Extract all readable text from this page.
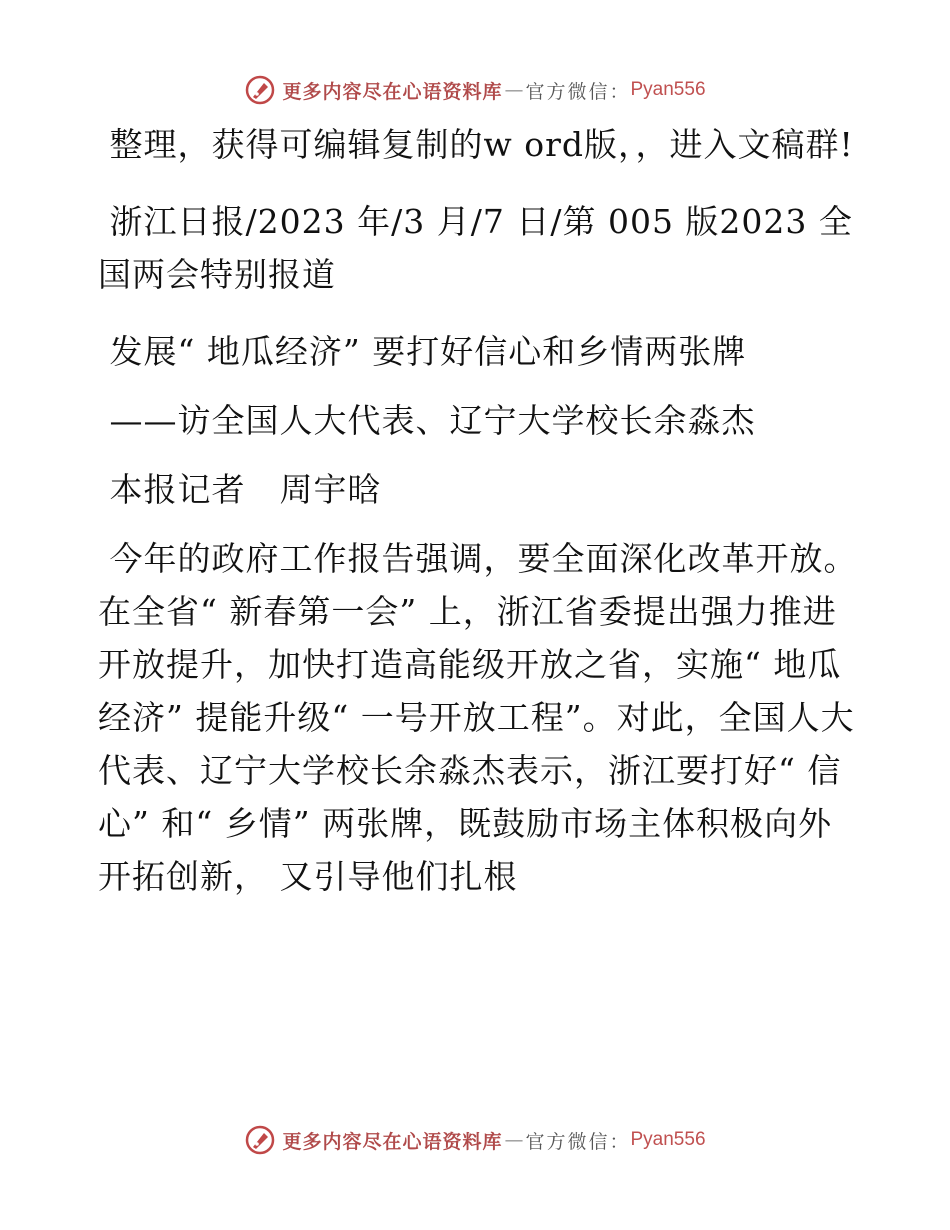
更多内容尽在心语资料库 — 官方微信： Pyan556

整理，获得可编辑复制的w ord版，，进入文稿群!

浙江日报/2023 年/3 月/7 日/第 005 版2023 全国两会特别报道

发展“ 地瓜经济” 要打好信心和乡情两张牌

——访全国人大代表、辽宁大学校长余淼杰

本报记者　周宇晗

今年的政府工作报告强调，要全面深化改革开放。在全省“ 新春第一会” 上，浙江省委提出强力推进开放提升，加快打造高能级开放之省，实施“ 地瓜经济” 提能升级“ 一号开放工程”。对此，全国人大代表、辽宁大学校长余淼杰表示，浙江要打好“ 信心” 和“ 乡情” 两张牌，既鼓励市场主体积极向外开拓创新， 又引导他们扎根

更多内容尽在心语资料库 — 官方微信： Pyan556
